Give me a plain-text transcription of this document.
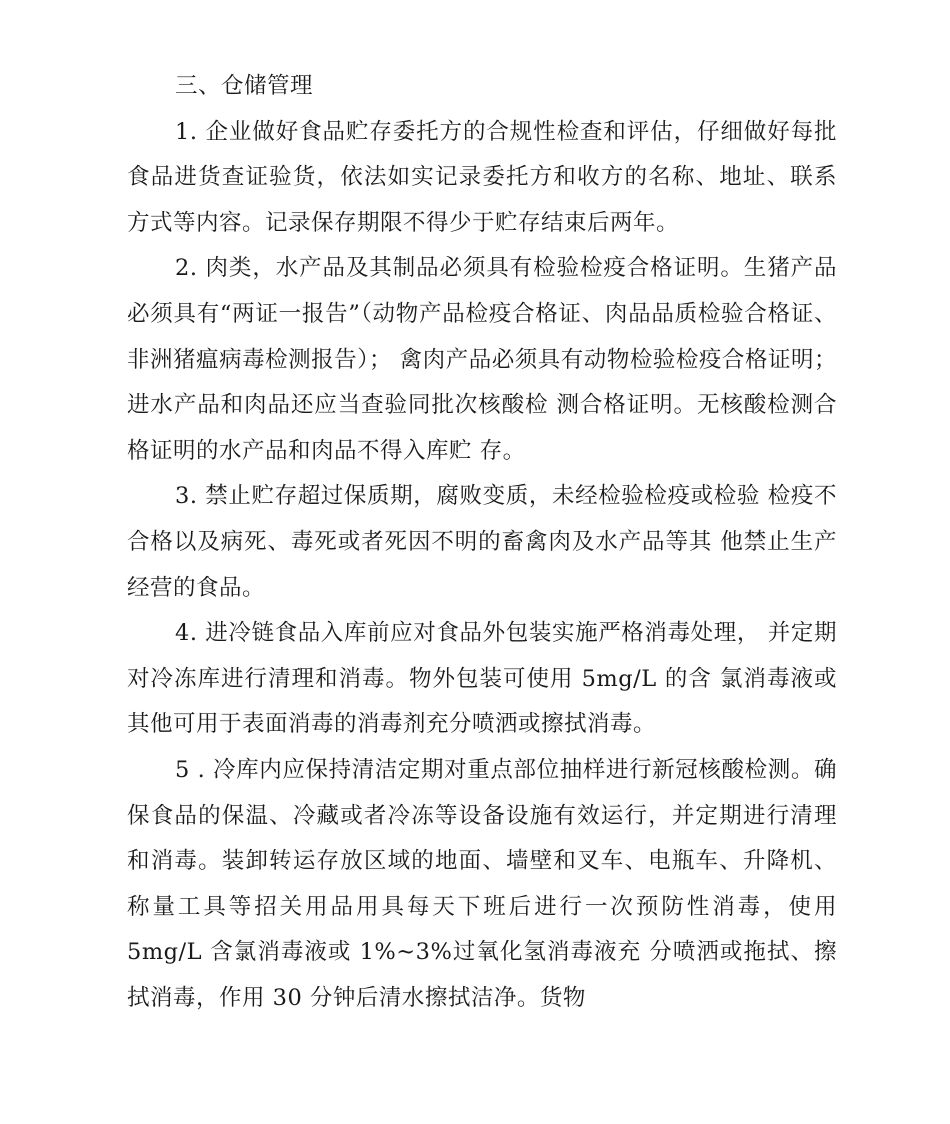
三、仓储管理

1. 企业做好食品贮存委托方的合规性检查和评估，仔细做好每批食品进货查证验货，依法如实记录委托方和收方的名称、地址、联系方式等内容。记录保存期限不得少于贮存结束后两年。

2. 肉类，水产品及其制品必须具有检验检疫合格证明。生猪产品必须具有“两证一报告”（动物产品检疫合格证、肉品品质检验合格证、非洲猪瘟病毒检测报告）； 禽肉产品必须具有动物检验检疫合格证明；进水产品和肉品还应当查验同批次核酸检 测合格证明。无核酸检测合格证明的水产品和肉品不得入库贮 存。

3. 禁止贮存超过保质期，腐败变质，未经检验检疫或检验 检疫不合格以及病死、毒死或者死因不明的畜禽肉及水产品等其 他禁止生产经营的食品。

4. 进冷链食品入库前应对食品外包装实施严格消毒处理， 并定期对冷冻库进行清理和消毒。物外包装可使用 5mg/L 的含 氯消毒液或其他可用于表面消毒的消毒剂充分喷洒或擦拭消毒。

5 . 冷库内应保持清洁定期对重点部位抽样进行新冠核酸检测。确保食品的保温、冷藏或者冷冻等设备设施有效运行，并定期进行清理和消毒。装卸转运存放区域的地面、墙壁和叉车、电瓶车、升降机、称量工具等招关用品用具每天下班后进行一次预防性消毒，使用 5mg/L 含氯消毒液或 1%~3%过氧化氢消毒液充 分喷洒或拖拭、擦拭消毒，作用 30 分钟后清水擦拭洁净。货物
